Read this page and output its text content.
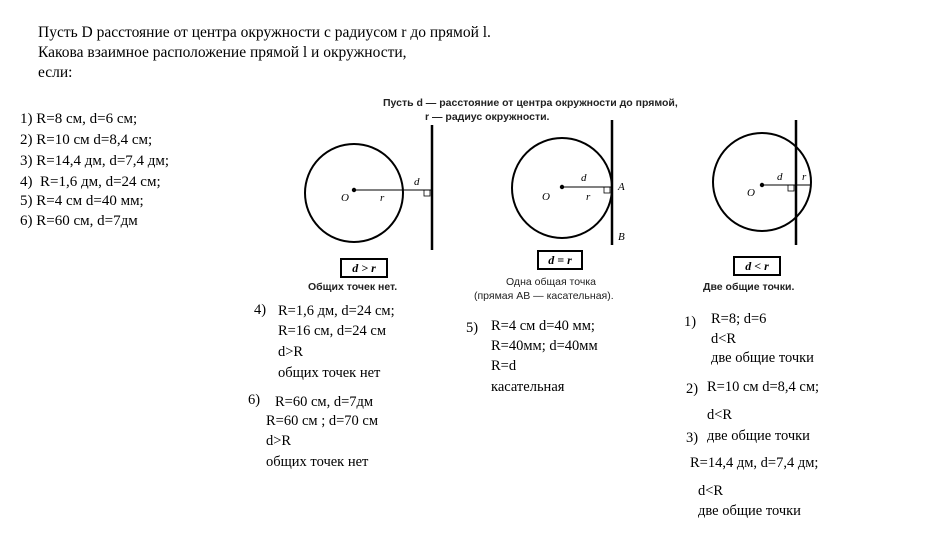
Пусть D расстояние от центра окружности с радиусом r до прямой l.
Какова взаимное расположение прямой l и окружности,
если:
1) R=8 см, d=6 см;
2) R=10 см d=8,4 см;
3) R=14,4 дм, d=7,4 дм;
4) R=1,6 дм, d=24 см;
5) R=4 см d=40 мм;
6) R=60 см, d=7дм
Пусть d — расстояние от центра окружности до прямой,
r — радиус окружности.
O	r
d
O	r
d
A
B
O
d r
d > r
d = r	d < r
Общих точек нет.	Одна общая точка
(прямая AB — касательная).
Две общие точки.
4) R=1,6 дм, d=24 см;
R=16 см, d=24 см
d>R
общих точек нет
6) R=60 см, d=7дм
R=60 см ; d=70 см
d>R
общих точек нет
5) R=4 см d=40 мм;
R=40мм; d=40мм
R=d
касательная
1) R=8; d=6
d<R
две общие точки
2) R=10 см d=8,4 см;
d<R
3) две общие точки
R=14,4 дм, d=7,4 дм;
d<R
две общие точки
